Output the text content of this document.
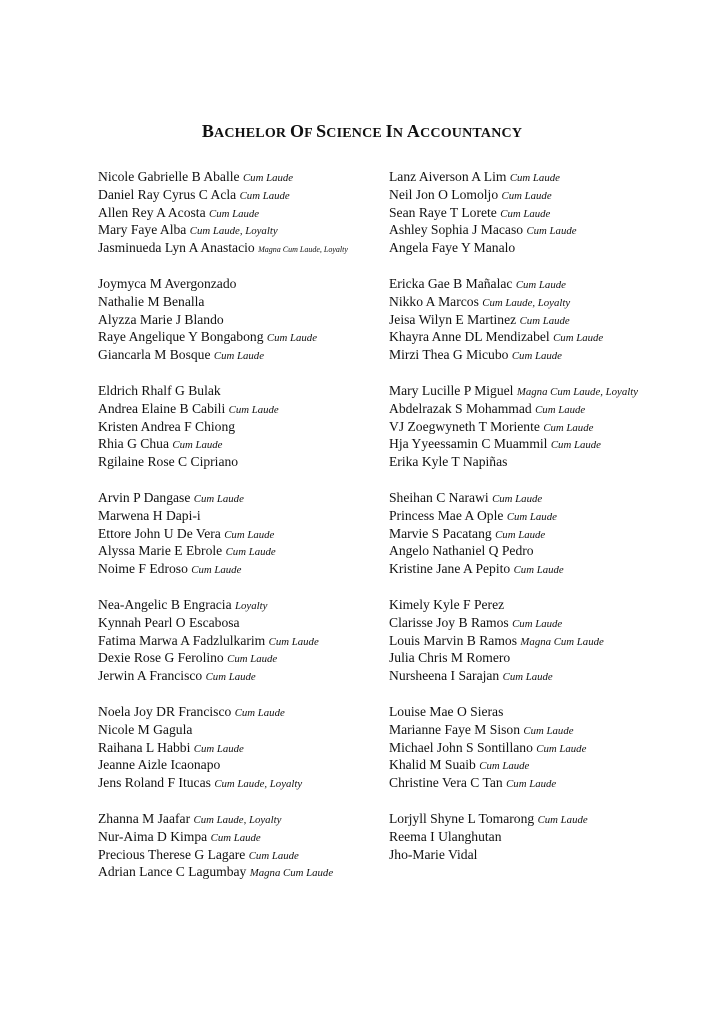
BACHELOR OF SCIENCE IN ACCOUNTANCY
Nicole Gabrielle B Aballe Cum Laude
Daniel Ray Cyrus C Acla Cum Laude
Allen Rey A Acosta Cum Laude
Mary Faye Alba Cum Laude, Loyalty
Jasminueda Lyn A Anastacio Magna Cum Laude, Loyalty
Joymyca M Avergonzado
Nathalie M Benalla
Alyzza Marie J Blando
Raye Angelique Y Bongabong Cum Laude
Giancarla M Bosque Cum Laude
Eldrich Rhalf G Bulak
Andrea Elaine B Cabili Cum Laude
Kristen Andrea F Chiong
Rhia G Chua Cum Laude
Rgilaine Rose C Cipriano
Arvin P Dangase Cum Laude
Marwena H Dapi-i
Ettore John U De Vera Cum Laude
Alyssa Marie E Ebrole Cum Laude
Noime F Edroso Cum Laude
Nea-Angelic B Engracia Loyalty
Kynnah Pearl O Escabosa
Fatima Marwa A Fadzlulkarim Cum Laude
Dexie Rose G Ferolino Cum Laude
Jerwin A Francisco Cum Laude
Noela Joy DR Francisco Cum Laude
Nicole M Gagula
Raihana L Habbi Cum Laude
Jeanne Aizle Icaonapo
Jens Roland F Itucas Cum Laude, Loyalty
Zhanna M Jaafar Cum Laude, Loyalty
Nur-Aima D Kimpa Cum Laude
Precious Therese G Lagare Cum Laude
Adrian Lance C Lagumbay Magna Cum Laude
Lanz Aiverson A Lim Cum Laude
Neil Jon O Lomoljo Cum Laude
Sean Raye T Lorete Cum Laude
Ashley Sophia J Macaso Cum Laude
Angela Faye Y Manalo
Ericka Gae B Mañalac Cum Laude
Nikko A Marcos Cum Laude, Loyalty
Jeisa Wilyn E Martinez Cum Laude
Khayra Anne DL Mendizabel Cum Laude
Mirzi Thea G Micubo Cum Laude
Mary Lucille P Miguel Magna Cum Laude, Loyalty
Abdelrazak S Mohammad Cum Laude
VJ Zoegwyneth T Moriente Cum Laude
Hja Yyeessamin C Muammil Cum Laude
Erika Kyle T Napiñas
Sheihan C Narawi Cum Laude
Princess Mae A Ople Cum Laude
Marvie S Pacatang Cum Laude
Angelo Nathaniel Q Pedro
Kristine Jane A Pepito Cum Laude
Kimely Kyle F Perez
Clarisse Joy B Ramos Cum Laude
Louis Marvin B Ramos Magna Cum Laude
Julia Chris M Romero
Nursheena I Sarajan Cum Laude
Louise Mae O Sieras
Marianne Faye M Sison Cum Laude
Michael John S Sontillano Cum Laude
Khalid M Suaib Cum Laude
Christine Vera C Tan Cum Laude
Lorjyll Shyne L Tomarong Cum Laude
Reema I Ulanghutan
Jho-Marie Vidal
